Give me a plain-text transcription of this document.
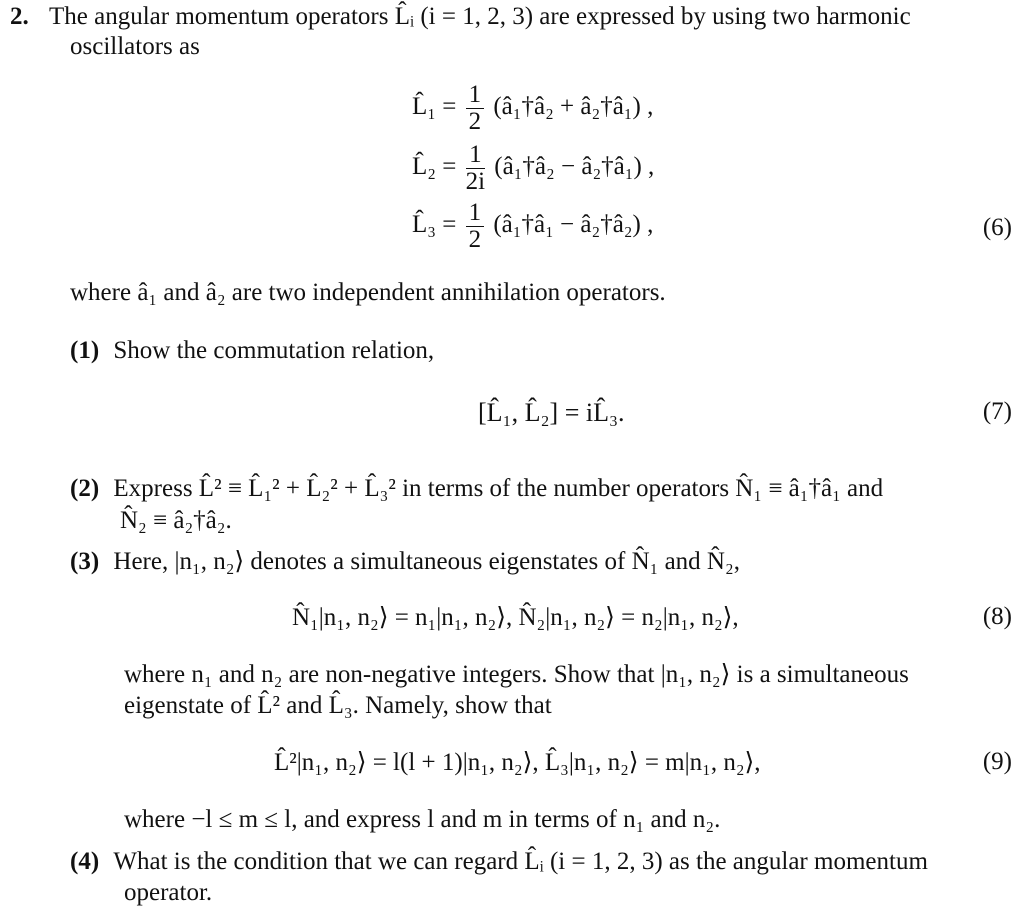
2. The angular momentum operators L̂ᵢ (i = 1, 2, 3) are expressed by using two harmonic
oscillators as
L̂₁ = $\frac{1}{2}$ (â₁†â₂ + â₂†â₁) ,
L̂₂ = $\frac{1}{2i}$ (â₁†â₂ − â₂†â₁) ,
L̂₃ = $\frac{1}{2}$ (â₁†â₁ − â₂†â₂) ,	(6)
where â₁ and â₂ are two independent annihilation operators.
(1) Show the commutation relation,
[L̂₁, L̂₂] = iL̂₃.	(7)
(2) Express L̂² ≡ L̂₁² + L̂₂² + L̂₃² in terms of the number operators N̂₁ ≡ â₁†â₁ and
N̂₂ ≡ â₂†â₂.
(3) Here, |n₁, n₂⟩ denotes a simultaneous eigenstates of N̂₁ and N̂₂,
N̂₁|n₁, n₂⟩ = n₁|n₁, n₂⟩, N̂₂|n₁, n₂⟩ = n₂|n₁, n₂⟩,	(8)
where n₁ and n₂ are non-negative integers. Show that |n₁, n₂⟩ is a simultaneous
eigenstate of L̂² and L̂₃. Namely, show that
L̂²|n₁, n₂⟩ = l(l + 1)|n₁, n₂⟩, L̂₃|n₁, n₂⟩ = m|n₁, n₂⟩,	(9)
where −l ≤ m ≤ l, and express l and m in terms of n₁ and n₂.
(4) What is the condition that we can regard L̂ᵢ (i = 1, 2, 3) as the angular momentum
operator.
